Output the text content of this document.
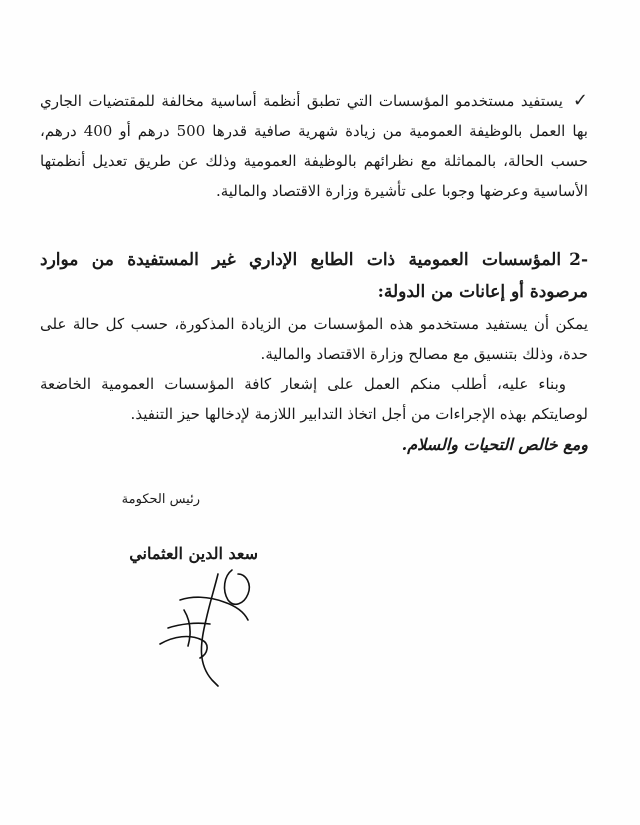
✓يستفيد مستخدمو المؤسسات التي تطبق أنظمة أساسية مخالفة للمقتضيات الجاري بها العمل بالوظيفة العمومية من زيادة شهرية صافية قدرها 500 درهم أو 400 درهم، حسب الحالة، بالمماثلة مع نظرائهم بالوظيفة العمومية وذلك عن طريق تعديل أنظمتها الأساسية وعرضها وجوبا على تأشيرة وزارة الاقتصاد والمالية.
-2المؤسسات العمومية ذات الطابع الإداري غير المستفيدة من موارد مرصودة أو إعانات من الدولة:
يمكن أن يستفيد مستخدمو هذه المؤسسات من الزيادة المذكورة، حسب كل حالة على حدة، وذلك بتنسيق مع مصالح وزارة الاقتصاد والمالية.
وبناء عليه، أطلب منكم العمل على إشعار كافة المؤسسات العمومية الخاضعة لوصايتكم بهذه الإجراءات من أجل اتخاذ التدابير اللازمة لإدخالها حيز التنفيذ.
ومع خالص التحيات والسلام.
رئيس الحكومة
سعد الدين العثماني
